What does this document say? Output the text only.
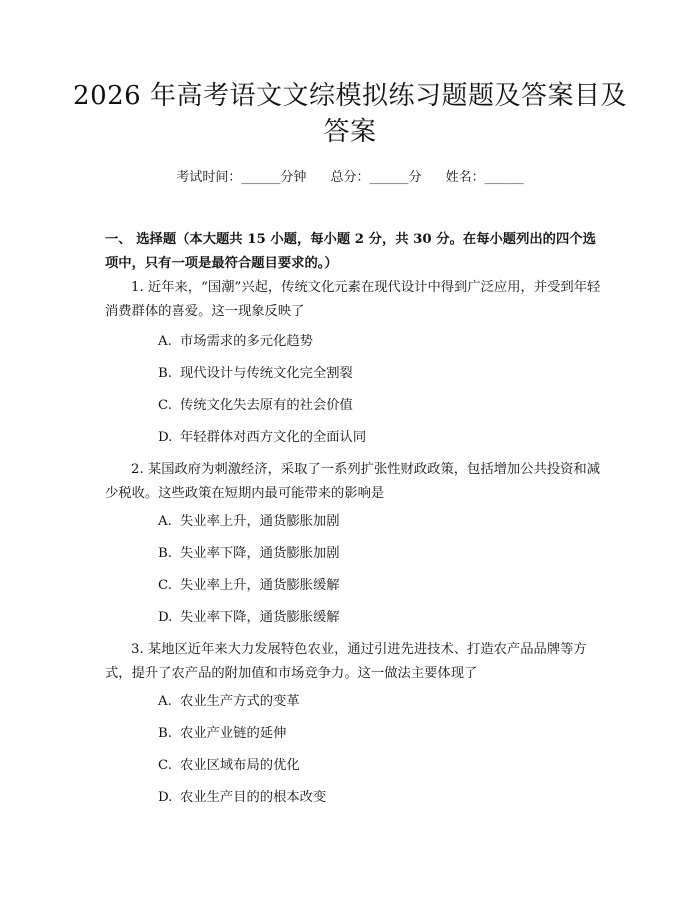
2026 年高考语文文综模拟练习题题及答案目及答案
考试时间：______分钟 总分：______分 姓名：______
一、 选择题（本大题共 15 小题，每小题 2 分，共 30 分。在每小题列出的四个选项中，只有一项是最符合题目要求的。）
1. 近年来，“国潮”兴起，传统文化元素在现代设计中得到广泛应用，并受到年轻消费群体的喜爱。这一现象反映了
A. 市场需求的多元化趋势
B. 现代设计与传统文化完全割裂
C. 传统文化失去原有的社会价值
D. 年轻群体对西方文化的全面认同
2. 某国政府为刺激经济，采取了一系列扩张性财政政策，包括增加公共投资和减少税收。这些政策在短期内最可能带来的影响是
A. 失业率上升，通货膨胀加剧
B. 失业率下降，通货膨胀加剧
C. 失业率上升，通货膨胀缓解
D. 失业率下降，通货膨胀缓解
3. 某地区近年来大力发展特色农业，通过引进先进技术、打造农产品品牌等方式，提升了农产品的附加值和市场竞争力。这一做法主要体现了
A. 农业生产方式的变革
B. 农业产业链的延伸
C. 农业区域布局的优化
D. 农业生产目的的根本改变
